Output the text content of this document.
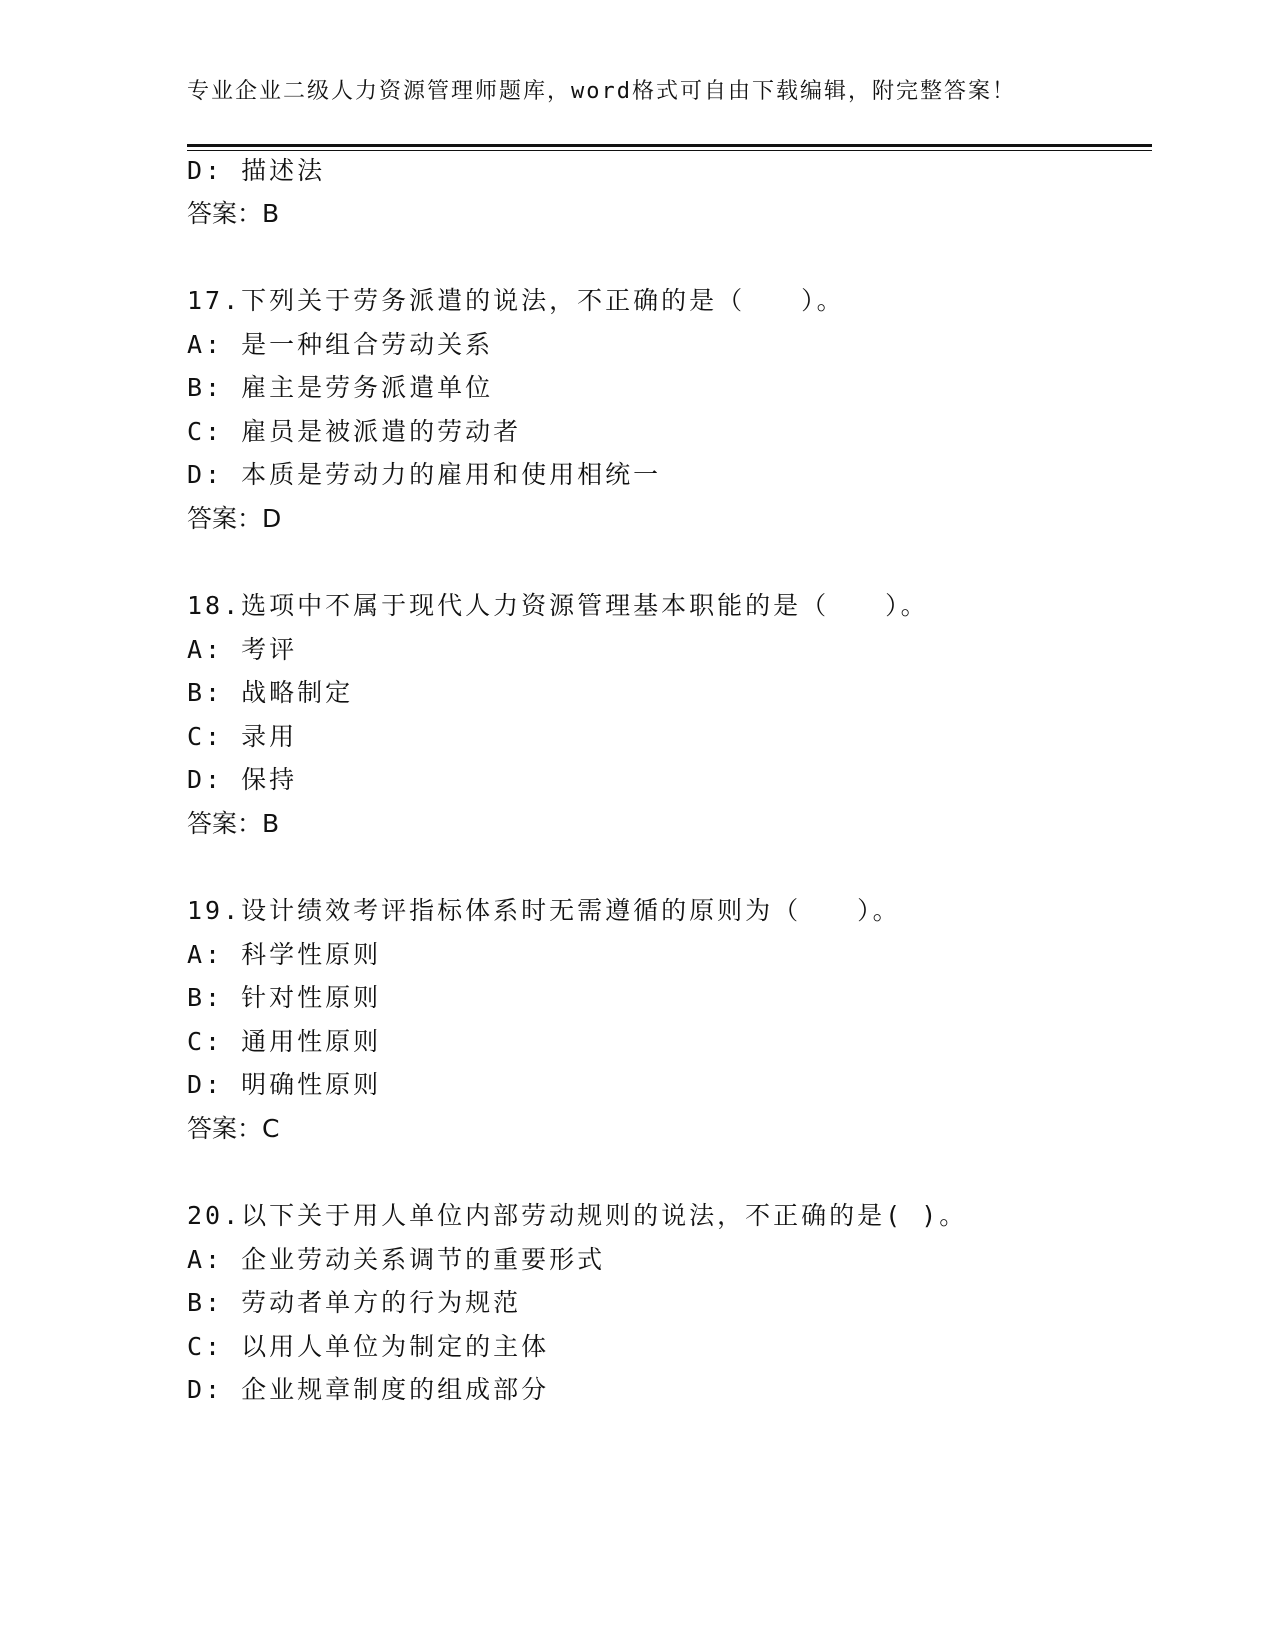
专业企业二级人力资源管理师题库，word格式可自由下载编辑，附完整答案！
D: 描述法
答案：B
17.下列关于劳务派遣的说法，不正确的是（　　）。
A: 是一种组合劳动关系
B: 雇主是劳务派遣单位
C: 雇员是被派遣的劳动者
D: 本质是劳动力的雇用和使用相统一
答案：D
18.选项中不属于现代人力资源管理基本职能的是（　　）。
A: 考评
B: 战略制定
C: 录用
D: 保持
答案：B
19.设计绩效考评指标体系时无需遵循的原则为（　　）。
A: 科学性原则
B: 针对性原则
C: 通用性原则
D: 明确性原则
答案：C
20.以下关于用人单位内部劳动规则的说法，不正确的是( )。
A: 企业劳动关系调节的重要形式
B: 劳动者单方的行为规范
C: 以用人单位为制定的主体
D: 企业规章制度的组成部分
